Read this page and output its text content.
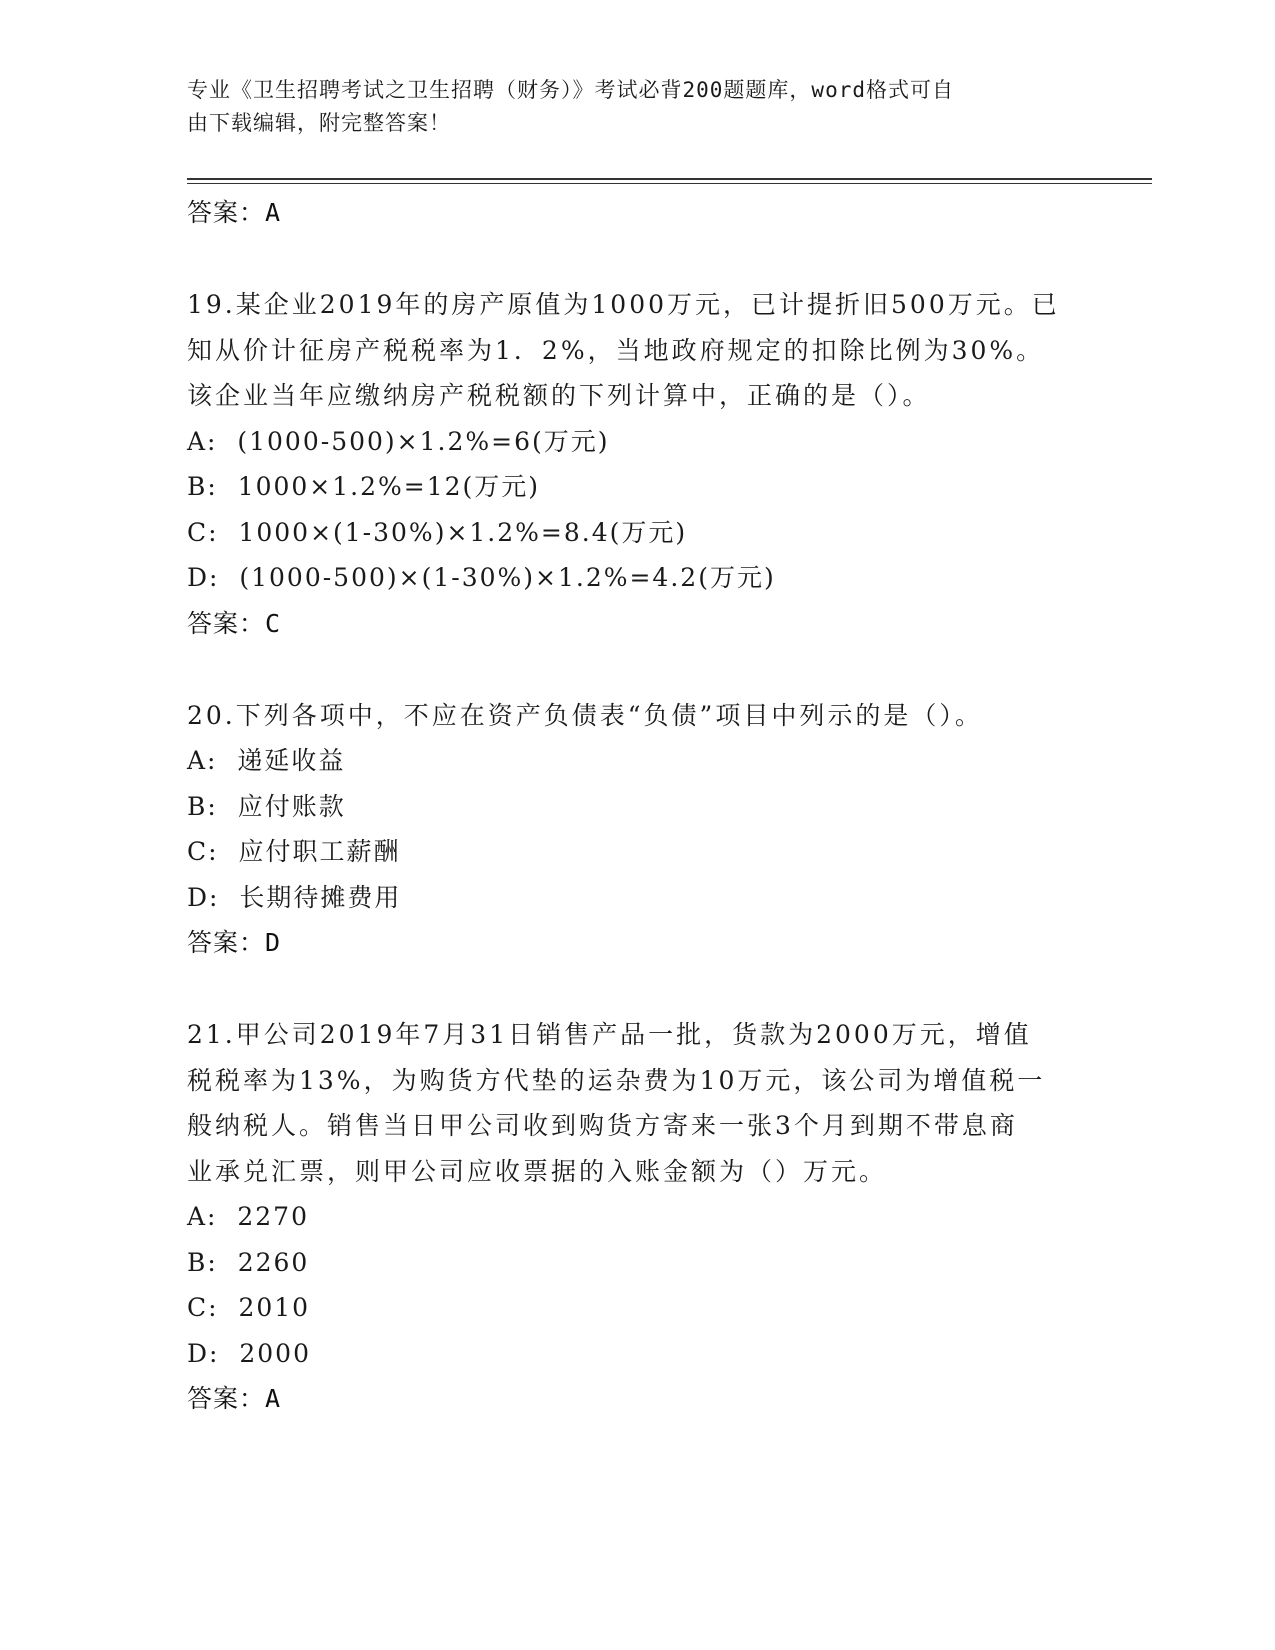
专业《卫生招聘考试之卫生招聘（财务）》考试必背200题题库，word格式可自
由下载编辑，附完整答案！
答案：A
19.某企业2019年的房产原值为1000万元，已计提折旧500万元。已
知从价计征房产税税率为1．2%，当地政府规定的扣除比例为30%。
该企业当年应缴纳房产税税额的下列计算中，正确的是（）。
A:  (1000-500)×1.2%=6(万元)
B:  1000×1.2%=12(万元)
C:  1000×(1-30%)×1.2%=8.4(万元)
D:  (1000-500)×(1-30%)×1.2%=4.2(万元)
答案：C
20.下列各项中，不应在资产负债表“负债”项目中列示的是（）。
A:  递延收益
B:  应付账款
C:  应付职工薪酬
D:  长期待摊费用
答案：D
21.甲公司2019年7月31日销售产品一批，货款为2000万元，增值
税税率为13%，为购货方代垫的运杂费为10万元，该公司为增值税一
般纳税人。销售当日甲公司收到购货方寄来一张3个月到期不带息商
业承兑汇票，则甲公司应收票据的入账金额为（）万元。
A:  2270
B:  2260
C:  2010
D:  2000
答案：A
